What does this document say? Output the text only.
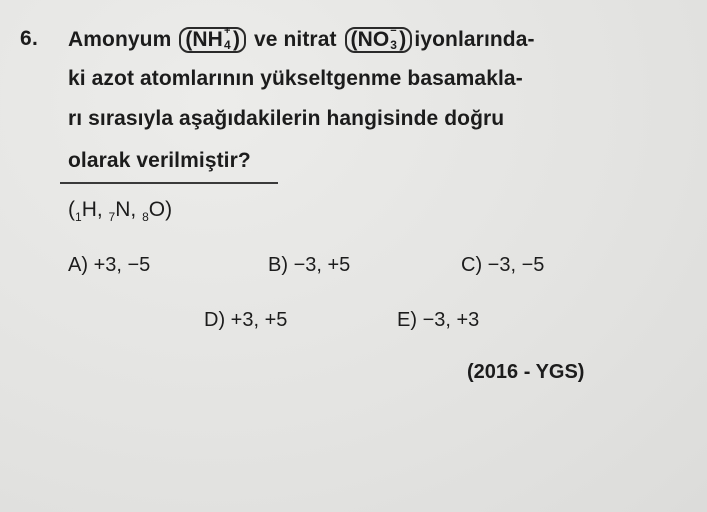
6. Amonyum (NH +
4 ) ve nitrat (NO −
3 ) iyonlarında-
ki azot atomlarının yükseltgenme basamakla-
rı sırasıyla aşağıdakilerin hangisinde doğru
olarak verilmiştir?
($_1H$, $_7$N, $_8$O)
A) +3, −5	B) −3, +5	C) −3, −5
D) +3, +5	E) −3, +3
(2016 - YGS)
